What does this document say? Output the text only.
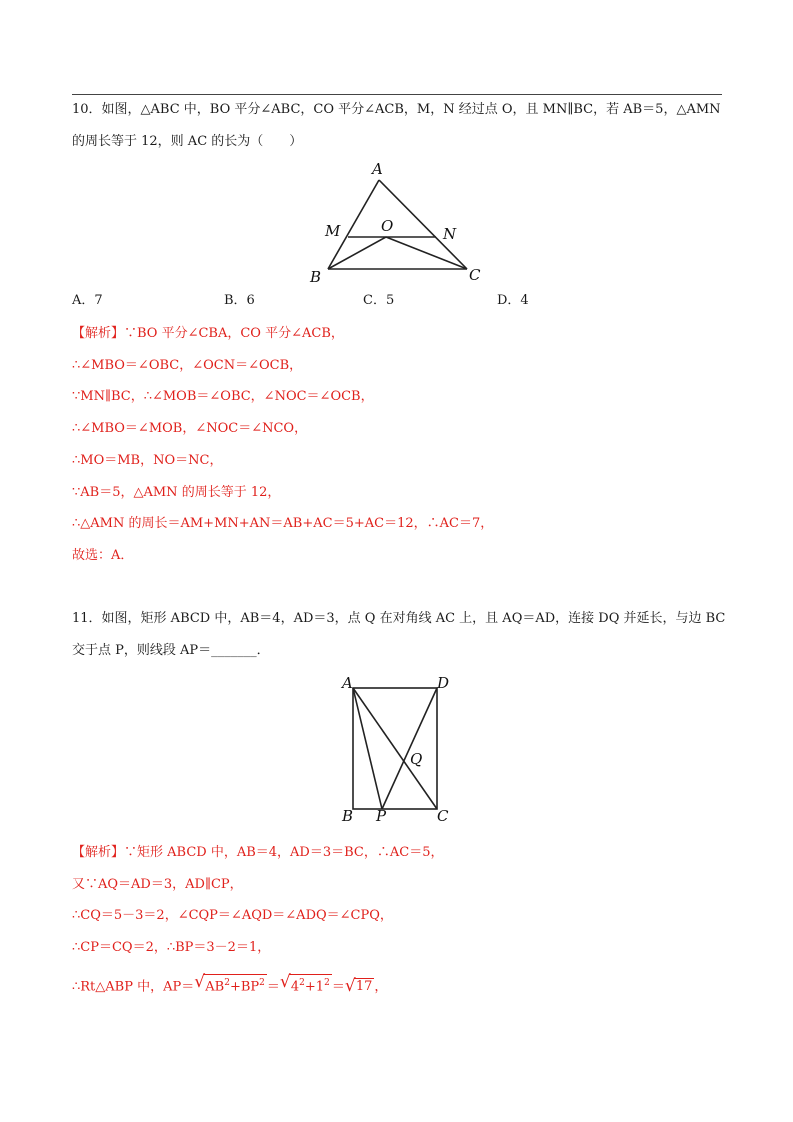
10．如图，△ABC 中，BO 平分∠ABC，CO 平分∠ACB，M，N 经过点 O，且 MN∥BC，若 AB＝5，△AMN
的周长等于 12，则 AC 的长为（　　）
A
M	O	N
B	C
A．7	B．6	C．5	D．4
【解析】∵BO 平分∠CBA，CO 平分∠ACB，
∴∠MBO＝∠OBC，∠OCN＝∠OCB，
∵MN∥BC，∴∠MOB＝∠OBC，∠NOC＝∠OCB，
∴∠MBO＝∠MOB，∠NOC＝∠NCO，
∴MO＝MB，NO＝NC，
∵AB＝5，△AMN 的周长等于 12，
∴△AMN 的周长＝AM+MN+AN＝AB+AC＝5+AC＝12，∴AC＝7，
故选：A．
11．如图，矩形 ABCD 中，AB＝4，AD＝3，点 Q 在对角线 AC 上，且 AQ＝AD，连接 DQ 并延长，与边 BC
交于点 P，则线段 AP＝_______．
A	D
Q
B P	C
【解析】∵矩形 ABCD 中，AB＝4，AD＝3＝BC，∴AC＝5，
又∵AQ＝AD＝3，AD∥CP，
∴CQ＝5－3＝2，∠CQP＝∠AQD＝∠ADQ＝∠CPQ，
∴CP＝CQ＝2，∴BP＝3－2＝1，
∴Rt△ABP 中，AP＝ √ $AB^2+BP^2$ ＝ √ $4^2+1^2$ ＝ √ 17 ，
